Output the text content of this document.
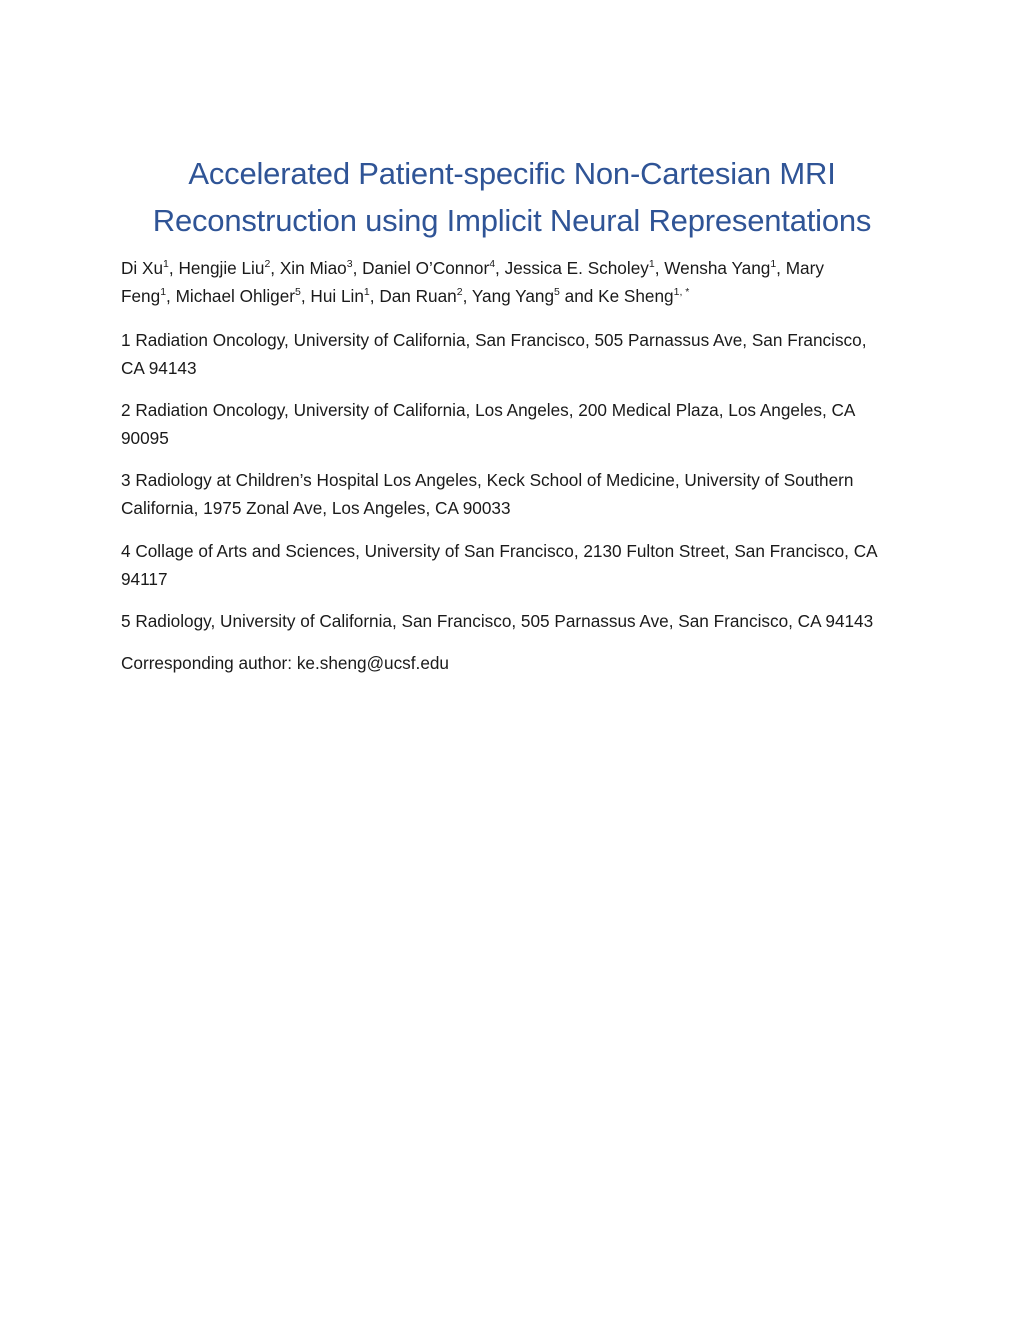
Accelerated Patient-specific Non-Cartesian MRI
Reconstruction using Implicit Neural Representations

Di Xu$^1$, Hengjie Liu$^2$, Xin Miao$^3$, Daniel O’Connor$^4$, Jessica E. Scholey$^1$, Wensha Yang$^1$, Mary
Feng$^1$, Michael Ohliger$^5$, Hui Lin$^1$, Dan Ruan$^2$, Yang Yang$^5$ and Ke Sheng$^{1, *}$

1 Radiation Oncology, University of California, San Francisco, 505 Parnassus Ave, San Francisco,
CA 94143

2 Radiation Oncology, University of California, Los Angeles, 200 Medical Plaza, Los Angeles, CA
90095

3 Radiology at Children’s Hospital Los Angeles, Keck School of Medicine, University of Southern
California, 1975 Zonal Ave, Los Angeles, CA 90033

4 Collage of Arts and Sciences, University of San Francisco, 2130 Fulton Street, San Francisco, CA
94117

5 Radiology, University of California, San Francisco, 505 Parnassus Ave, San Francisco, CA 94143

Corresponding author: ke.sheng@ucsf.edu
